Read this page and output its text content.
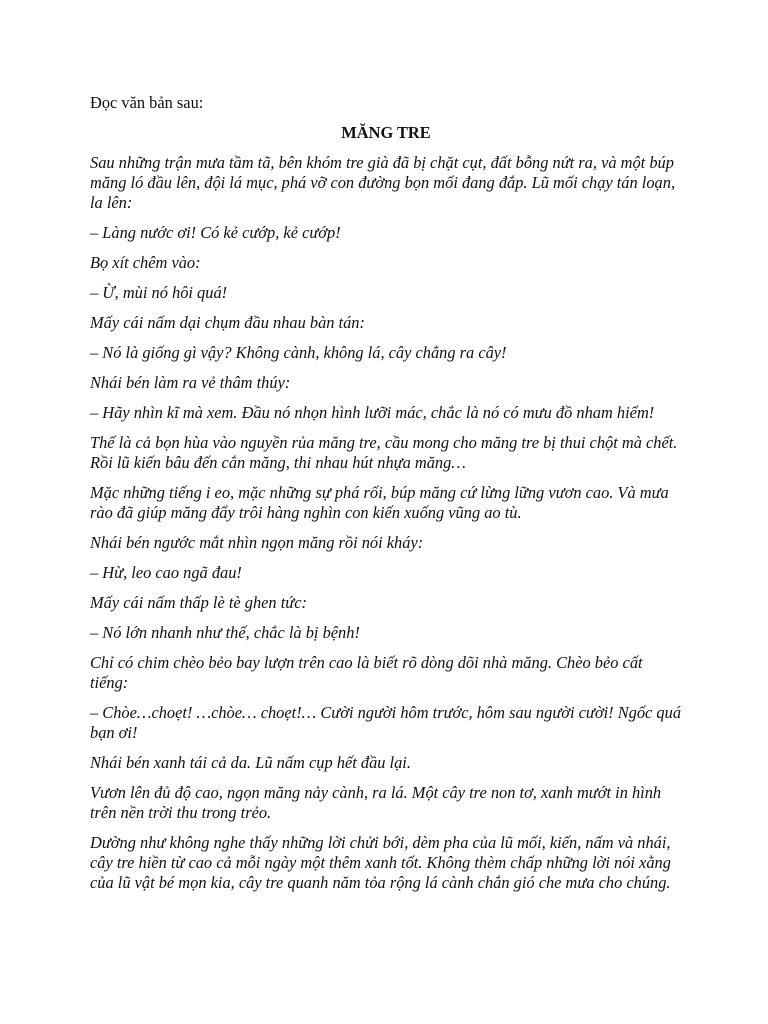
Đọc văn bản sau:

MĂNG TRE

Sau những trận mưa tầm tã, bên khóm tre già đã bị chặt cụt, đất bỗng nứt ra, và một búp măng ló đầu lên, đội lá mục, phá vỡ con đường bọn mối đang đắp. Lũ mối chạy tán loạn, la lên:

– Làng nước ơi! Có kẻ cướp, kẻ cướp!

Bọ xít chêm vào:

– Ừ, mùi nó hôi quá!

Mấy cái nấm dại chụm đầu nhau bàn tán:

– Nó là giống gì vậy? Không cành, không lá, cây chẳng ra cây!

Nhái bén làm ra vẻ thâm thúy:

– Hãy nhìn kĩ mà xem. Đầu nó nhọn hình lưỡi mác, chắc là nó có mưu đồ nham hiểm!

Thế là cả bọn hùa vào nguyền rủa măng tre, cầu mong cho măng tre bị thui chột mà chết. Rồi lũ kiến bâu đến cắn măng, thi nhau hút nhựa măng…

Mặc những tiếng i eo, mặc những sự phá rối, búp măng cứ lừng lững vươn cao. Và mưa rào đã giúp măng đẩy trôi hàng nghìn con kiến xuống vũng ao tù.

Nhái bén ngước mắt nhìn ngọn măng rồi nói kháy:

– Hừ, leo cao ngã đau!

Mấy cái nấm thấp lè tè ghen tức:

– Nó lớn nhanh như thế, chắc là bị bệnh!

Chỉ có chim chèo bẻo bay lượn trên cao là biết rõ dòng dõi nhà măng. Chèo bẻo cất tiếng:

– Chòe…choẹt! …chòe… choẹt!… Cười người hôm trước, hôm sau người cười! Ngốc quá bạn ơi!

Nhái bén xanh tái cả da. Lũ nấm cụp hết đầu lại.

Vươn lên đủ độ cao, ngọn măng nảy cành, ra lá. Một cây tre non tơ, xanh mướt in hình trên nền trời thu trong trẻo.

Dường như không nghe thấy những lời chửi bới, dèm pha của lũ mối, kiến, nấm và nhái, cây tre hiền từ cao cả mỗi ngày một thêm xanh tốt. Không thèm chấp những lời nói xằng của lũ vật bé mọn kia, cây tre quanh năm tỏa rộng lá cành chắn gió che mưa cho chúng.
